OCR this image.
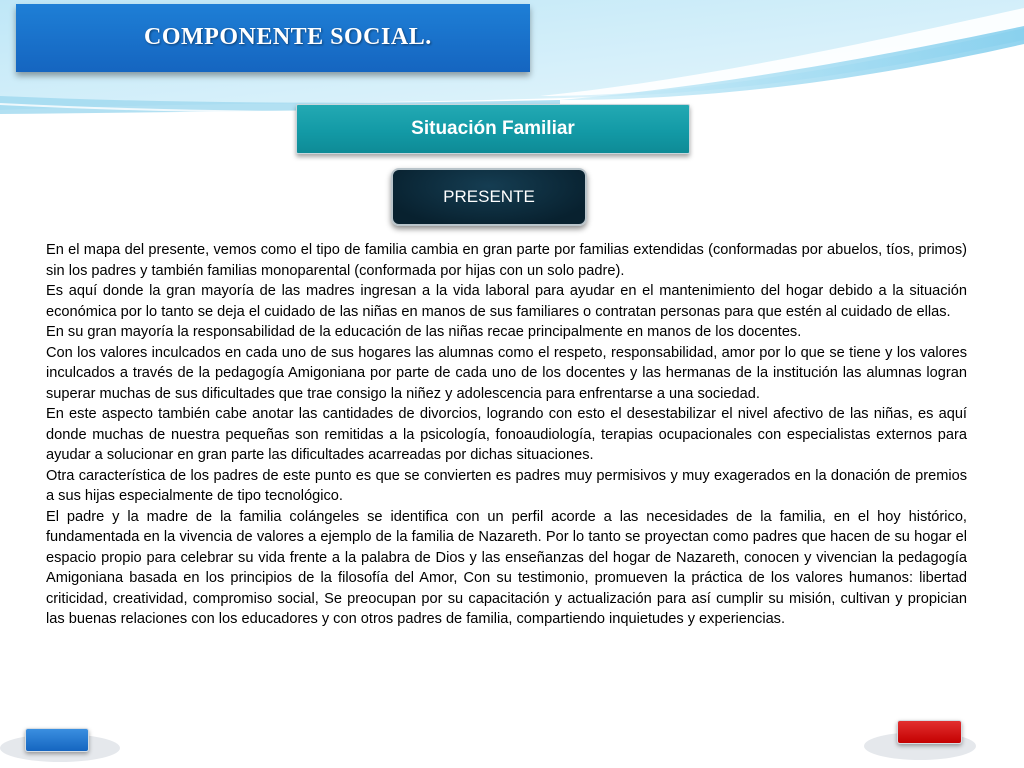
COMPONENTE SOCIAL.
Situación Familiar
PRESENTE

En el mapa del presente, vemos como el tipo de familia cambia en gran parte por familias extendidas (conformadas por abuelos, tíos, primos) sin los padres y también familias monoparental (conformada por hijas con un solo padre).

Es aquí donde la gran mayoría de las madres ingresan a la vida laboral para ayudar en el mantenimiento del hogar debido a la situación económica por lo tanto se deja el cuidado de las niñas en manos de sus familiares o contratan personas para que estén al cuidado de ellas.

En su gran mayoría la responsabilidad de la educación de las niñas recae principalmente en manos de los docentes.

Con los valores inculcados en cada uno de sus hogares las alumnas como el respeto, responsabilidad, amor por lo que se tiene y los valores inculcados a través de la pedagogía Amigoniana por parte de cada uno de los docentes y las hermanas de la institución las alumnas logran superar muchas de sus dificultades que trae consigo la niñez y adolescencia para enfrentarse a una sociedad.

En este aspecto también cabe anotar las cantidades de divorcios, logrando con esto el desestabilizar el nivel afectivo de las niñas, es aquí donde muchas de nuestra pequeñas son remitidas a la psicología, fonoaudiología, terapias ocupacionales con especialistas externos para ayudar a solucionar en gran parte las dificultades acarreadas por dichas situaciones.

Otra característica de los padres de este punto es que se convierten es padres muy permisivos y muy exagerados en la donación de premios a sus hijas especialmente de tipo tecnológico.

El padre y la madre de la familia colángeles se identifica con un perfil acorde a las necesidades de la familia, en el hoy histórico, fundamentada en la vivencia de valores a ejemplo de la familia de Nazareth. Por lo tanto se proyectan como padres que hacen de su hogar el espacio propio para celebrar su vida frente a la palabra de Dios y las enseñanzas del hogar de Nazareth, conocen y vivencian la pedagogía Amigoniana basada en los principios de la filosofía del Amor, Con su testimonio, promueven la práctica de los valores humanos: libertad criticidad, creatividad, compromiso social, Se preocupan por su capacitación y actualización para así cumplir su misión, cultivan y propician las buenas relaciones con los educadores y con otros padres de familia, compartiendo inquietudes y experiencias.
